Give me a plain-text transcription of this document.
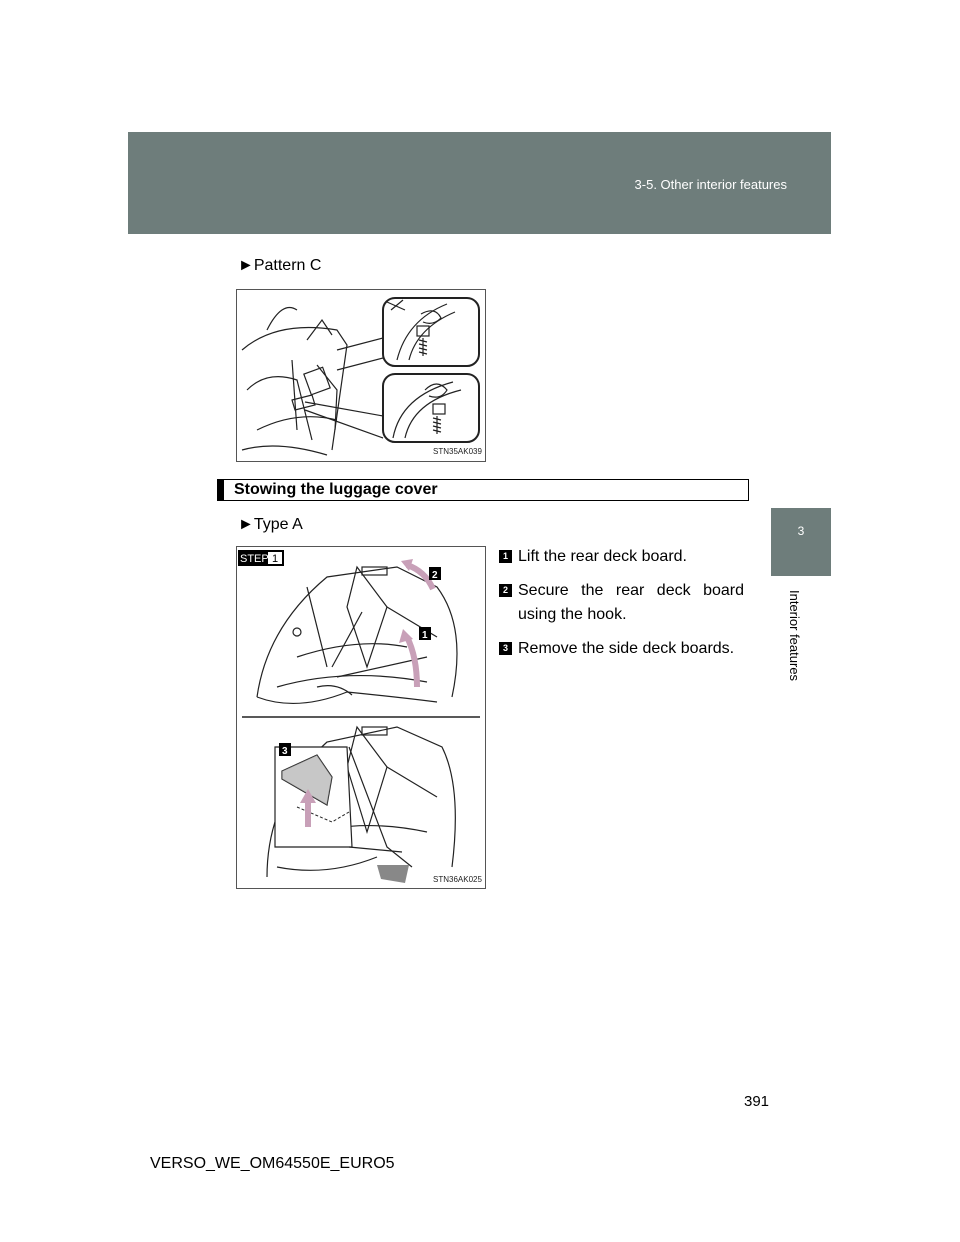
3-5. Other interior features
3
Interior features
►Pattern C
STN35AK039
Stowing the luggage cover
►Type A
STEP 1
2
1
3
STN36AK025
1 Lift the rear deck board.
2 Secure the rear deck board using the hook.
3 Remove the side deck boards.
391
VERSO_WE_OM64550E_EURO5
